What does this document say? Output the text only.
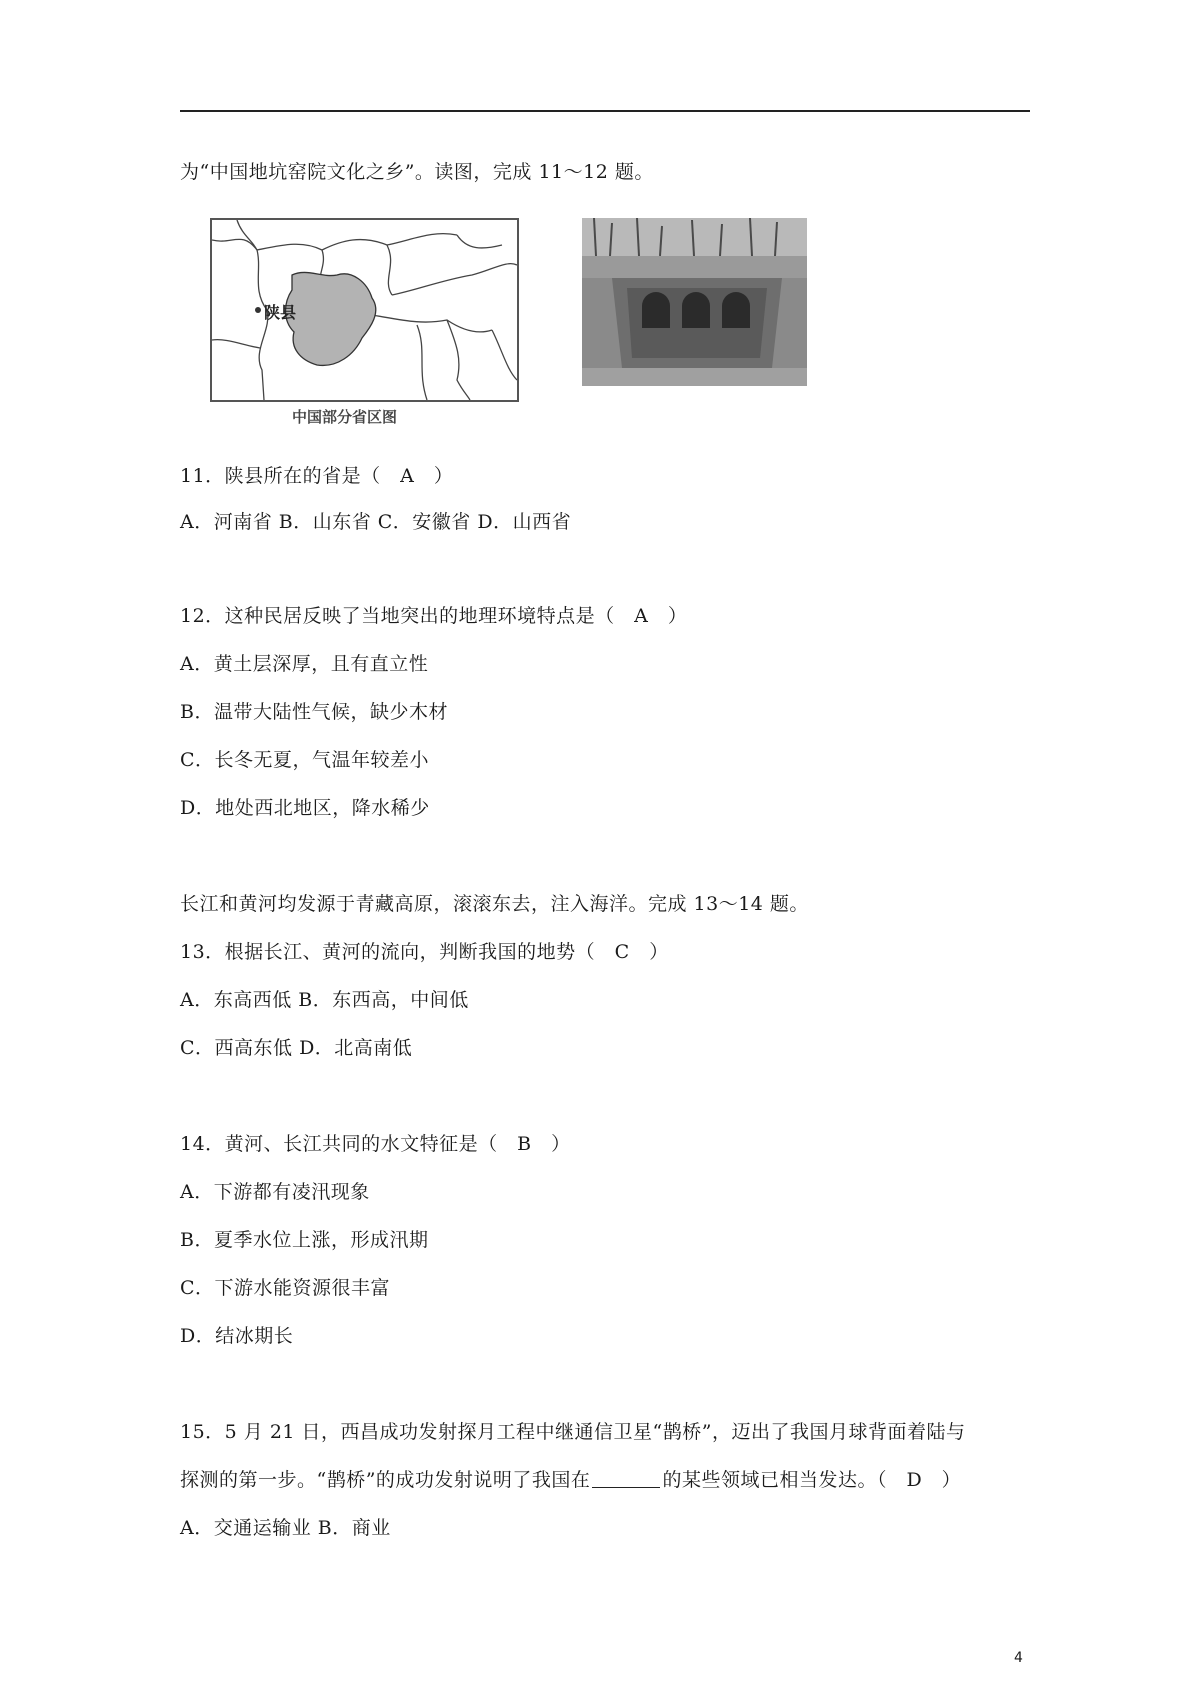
为“中国地坑窑院文化之乡”。读图，完成 11～12 题。
陕县
中国部分省区图
11．陕县所在的省是（　A　）
A．河南省 B．山东省 C．安徽省 D．山西省
12．这种民居反映了当地突出的地理环境特点是（　A　）
A．黄土层深厚，且有直立性
B．温带大陆性气候，缺少木材
C．长冬无夏，气温年较差小
D．地处西北地区，降水稀少
长江和黄河均发源于青藏高原，滚滚东去，注入海洋。完成 13～14 题。
13．根据长江、黄河的流向，判断我国的地势（　C　）
A．东高西低 B．东西高，中间低
C．西高东低 D．北高南低
14．黄河、长江共同的水文特征是（　B　）
A．下游都有凌汛现象
B．夏季水位上涨，形成汛期
C．下游水能资源很丰富
D．结冰期长
15．5 月 21 日，西昌成功发射探月工程中继通信卫星“鹊桥”，迈出了我国月球背面着陆与
探测的第一步。“鹊桥”的成功发射说明了我国在	的某些领域已相当发达。（　D　）
A．交通运输业 B．商业
4
